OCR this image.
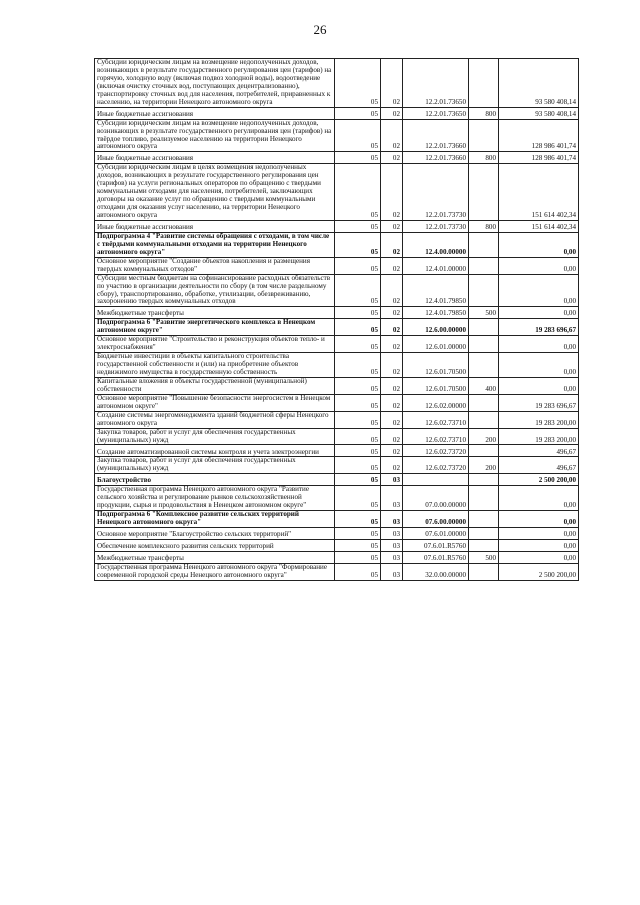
26
Субсидии юридическим лицам на возмещение недополученных доходов, возникающих в результате государственного регулирования цен (тарифов) на горячую, холодную воду (включая подвоз холодной воды), водоотведение (включая очистку сточных вод, поступающих децентрализованно), транспортировку сточных вод для населения, потребителей, приравненных к населению, на территории Ненецкого автономного округа	05	02	12.2.01.73650		93 580 408,14
Иные бюджетные ассигнования	05	02	12.2.01.73650	800	93 580 408,14
Субсидии юридическим лицам на возмещение недополученных доходов, возникающих в результате государственного регулирования цен (тарифов) на твёрдое топливо, реализуемое населению на территории Ненецкого автономного округа	05	02	12.2.01.73660		128 986 401,74
Иные бюджетные ассигнования	05	02	12.2.01.73660	800	128 986 401,74
Субсидии юридическим лицам в целях возмещения недополученных доходов, возникающих в результате государственного регулирования цен (тарифов) на услуги региональных операторов по обращению с твердыми коммунальными отходами для населения, потребителей, заключающих договоры на оказание услуг по обращению с твердыми коммунальными отходами для оказания услуг населению, на территории Ненецкого автономного округа	05	02	12.2.01.73730		151 614 402,34
Иные бюджетные ассигнования	05	02	12.2.01.73730	800	151 614 402,34
Подпрограмма 4 "Развитие системы обращения с отходами, в том числе с твёрдыми коммунальными отходами на территории Ненецкого автономного округа"	05	02	12.4.00.00000		0,00
Основное мероприятие "Создание объектов накопления и размещения твердых коммунальных отходов"	05	02	12.4.01.00000		0,00
Субсидии местным бюджетам на софинансирование расходных обязательств по участию в организации деятельности по сбору (в том числе раздельному сбору), транспортированию, обработке, утилизации, обезвреживанию, захоронению твердых коммунальных отходов	05	02	12.4.01.79850		0,00
Межбюджетные трансферты	05	02	12.4.01.79850	500	0,00
Подпрограмма 6 "Развитие энергетического комплекса в Ненецком автономном округе"	05	02	12.6.00.00000		19 283 696,67
Основное мероприятие "Строительство и реконструкция объектов тепло- и электроснабжения"	05	02	12.6.01.00000		0,00
Бюджетные инвестиции в объекты капитального строительства государственной собственности и (или) на приобретение объектов недвижимого имущества в государственную собственность	05	02	12.6.01.70500		0,00
Капитальные вложения в объекты государственной (муниципальной) собственности	05	02	12.6.01.70500	400	0,00
Основное мероприятие "Повышение безопасности энергосистем в Ненецком автономном округе"	05	02	12.6.02.00000		19 283 696,67
Создание системы энергоменеджмента зданий бюджетной сферы Ненецкого автономного округа	05	02	12.6.02.73710		19 283 200,00
Закупка товаров, работ и услуг для обеспечения государственных (муниципальных) нужд	05	02	12.6.02.73710	200	19 283 200,00
Создание автоматизированной системы контроля и учета электроэнергии	05	02	12.6.02.73720		496,67
Закупка товаров, работ и услуг для обеспечения государственных (муниципальных) нужд	05	02	12.6.02.73720	200	496,67
Благоустройство	05	03			2 500 200,00
Государственная программа Ненецкого автономного округа "Развитие сельского хозяйства и регулирование рынков сельскохозяйственной продукции, сырья и продовольствия в Ненецком автономном округе"	05	03	07.0.00.00000		0,00
Подпрограмма 6 "Комплексное развитие сельских территорий Ненецкого автономного округа"	05	03	07.6.00.00000		0,00
Основное мероприятие "Благоустройство сельских территорий"	05	03	07.6.01.00000		0,00
Обеспечение комплексного развития сельских территорий	05	03	07.6.01.R5760		0,00
Межбюджетные трансферты	05	03	07.6.01.R5760	500	0,00
Государственная программа Ненецкого автономного округа "Формирование современной городской среды Ненецкого автономного округа"	05	03	32.0.00.00000		2 500 200,00
